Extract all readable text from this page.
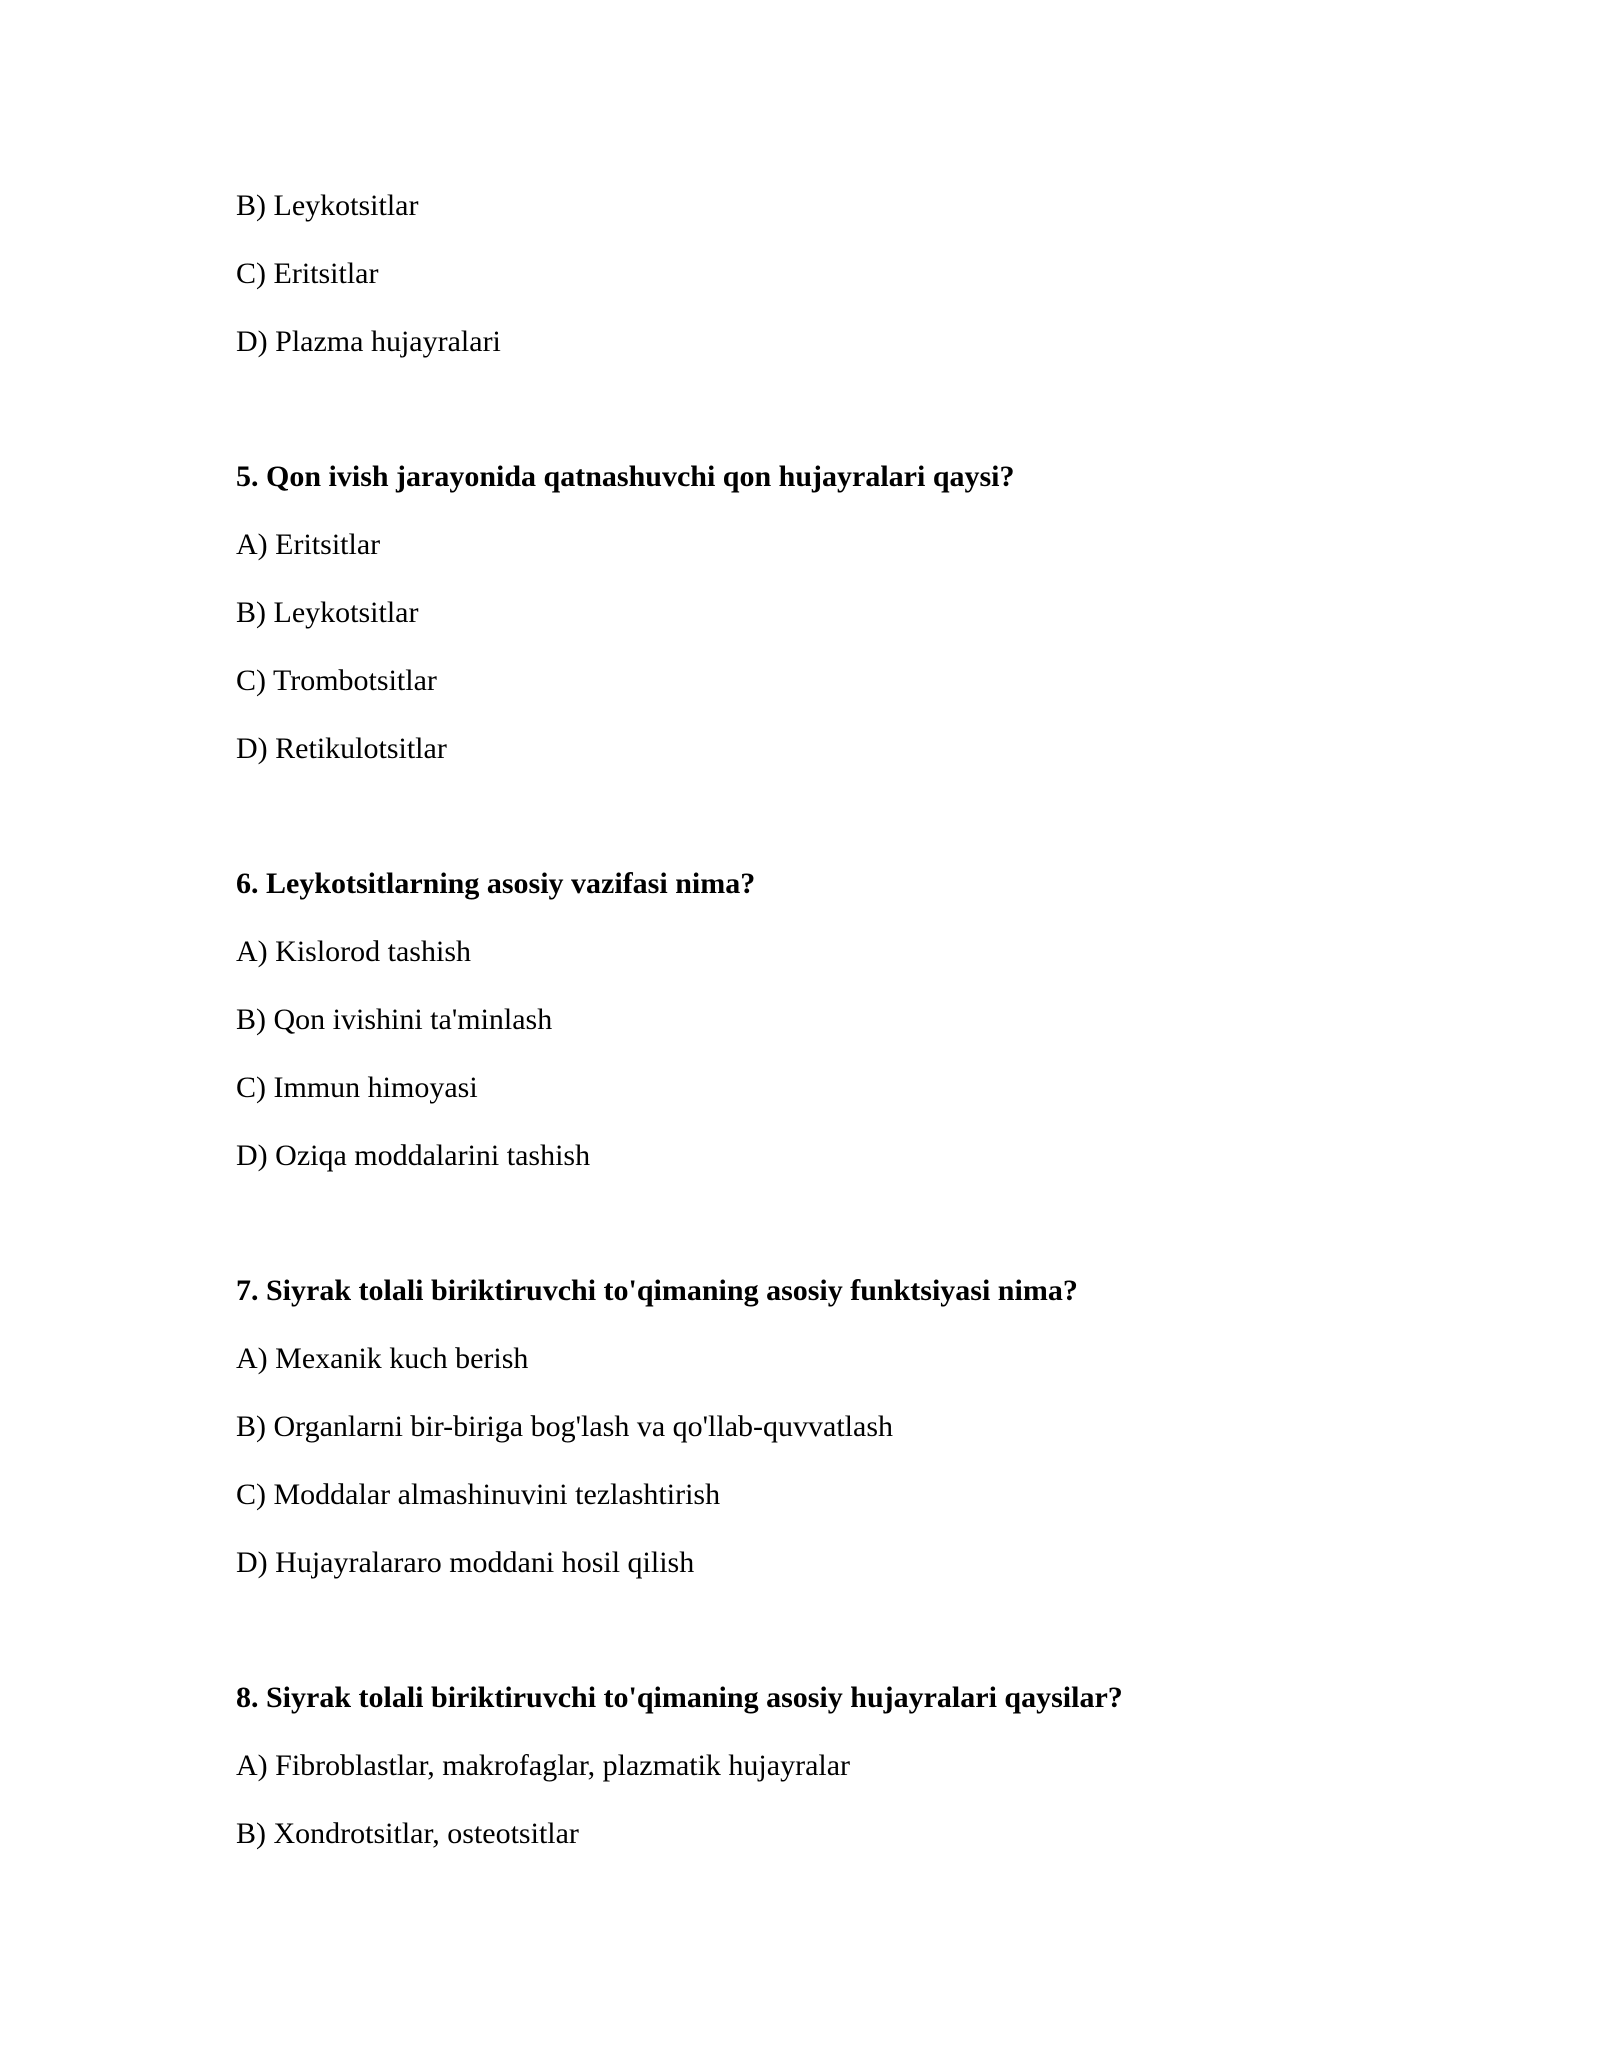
B) Leykotsitlar
C) Eritsitlar
D) Plazma hujayralari
5. Qon ivish jarayonida qatnashuvchi qon hujayralari qaysi?
A) Eritsitlar
B) Leykotsitlar
C) Trombotsitlar
D) Retikulotsitlar
6. Leykotsitlarning asosiy vazifasi nima?
A) Kislorod tashish
B) Qon ivishini ta'minlash
C) Immun himoyasi
D) Oziqa moddalarini tashish
7. Siyrak tolali biriktiruvchi to'qimaning asosiy funktsiyasi nima?
A) Mexanik kuch berish
B) Organlarni bir-biriga bog'lash va qo'llab-quvvatlash
C) Moddalar almashinuvini tezlashtirish
D) Hujayralararo moddani hosil qilish
8. Siyrak tolali biriktiruvchi to'qimaning asosiy hujayralari qaysilar?
A) Fibroblastlar, makrofaglar, plazmatik hujayralar
B) Xondrotsitlar, osteotsitlar
